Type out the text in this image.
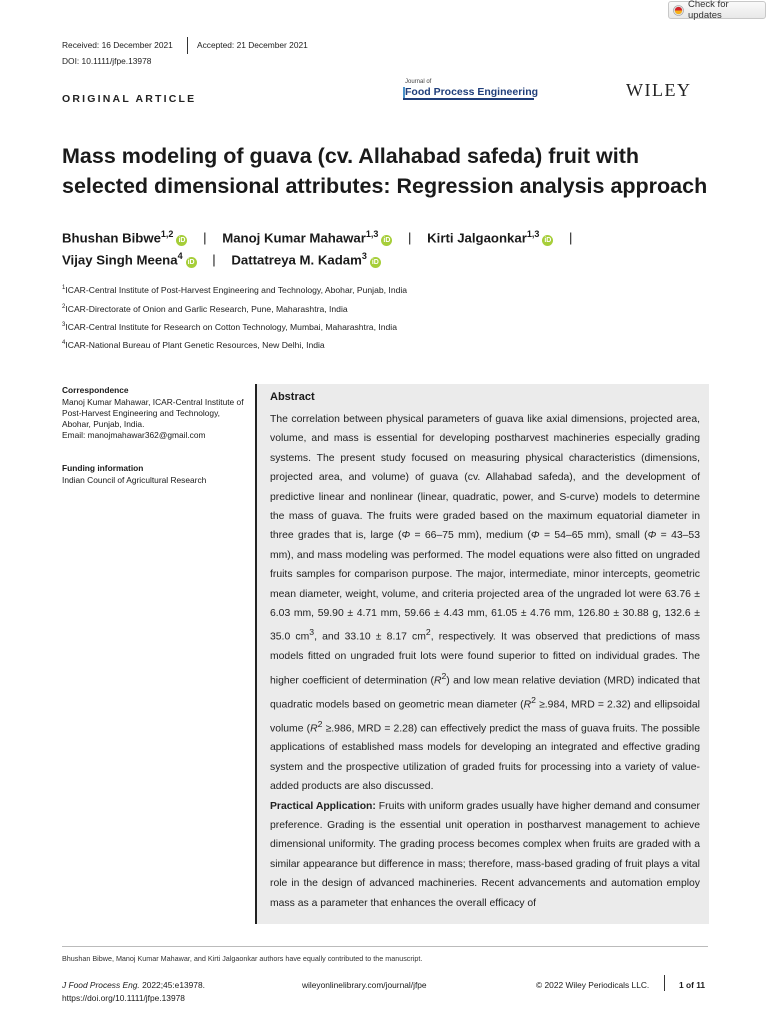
Check for updates
Received: 16 December 2021	Accepted: 21 December 2021
DOI: 10.1111/jfpe.13978
ORIGINAL ARTICLE
Journal of
Food Process Engineering	WILEY
Mass modeling of guava (cv. Allahabad safeda) fruit with selected dimensional attributes: Regression analysis approach
Bhushan Bibwe$^{1,2}$iD | Manoj Kumar Mahawar$^{1,3}$iD | Kirti Jalgaonkar$^{1,3}$iD |
Vijay Singh Meena$^4$iD | Dattatreya M. Kadam$^3$iD
$^1$ICAR-Central Institute of Post-Harvest Engineering and Technology, Abohar, Punjab, India
$^2$ICAR-Directorate of Onion and Garlic Research, Pune, Maharashtra, India
$^3$ICAR-Central Institute for Research on Cotton Technology, Mumbai, Maharashtra, India
$^4$ICAR-National Bureau of Plant Genetic Resources, New Delhi, India
Correspondence
Manoj Kumar Mahawar, ICAR-Central Institute of Post-Harvest Engineering and Technology, Abohar, Punjab, India.
Email: manojmahawar362@gmail.com
Funding information
Indian Council of Agricultural Research
Abstract
The correlation between physical parameters of guava like axial dimensions, projected area, volume, and mass is essential for developing postharvest machineries especially grading systems. The present study focused on measuring physical characteristics (dimensions, projected area, and volume) of guava (cv. Allahabad safeda), and the development of predictive linear and nonlinear (linear, quadratic, power, and S-curve) models to determine the mass of guava. The fruits were graded based on the maximum equatorial diameter in three grades that is, large (Φ = 66–75 mm), medium (Φ = 54–65 mm), small (Φ = 43–53 mm), and mass modeling was performed. The model equations were also fitted on ungraded fruits samples for comparison purpose. The major, intermediate, minor intercepts, geometric mean diameter, weight, volume, and criteria projected area of the ungraded lot were 63.76 ± 6.03 mm, 59.90 ± 4.71 mm, 59.66 ± 4.43 mm, 61.05 ± 4.76 mm, 126.80 ± 30.88 g, 132.6 ± 35.0 $cm^3$, and 33.10 ± 8.17 $cm^2$, respectively. It was observed that predictions of mass models fitted on ungraded fruit lots were found superior to fitted on individual grades. The higher coefficient of determination $(R^2)$ and low mean relative deviation (MRD) indicated that quadratic models based on geometric mean diameter ($R^2 \ge.984$, MRD = 2.32) and ellipsoidal volume ($R^2 \ge.986$, MRD = 2.28) can effectively predict the mass of guava fruits. The possible applications of established mass models for developing an integrated and effective grading system and the prospective utilization of graded fruits for processing into a variety of value-added products are also discussed.
Practical Application: Fruits with uniform grades usually have higher demand and consumer preference. Grading is the essential unit operation in postharvest management to achieve dimensional uniformity. The grading process becomes complex when fruits are graded with a similar appearance but difference in mass; therefore, mass-based grading of fruit plays a vital role in the design of advanced machineries. Recent advancements and automation employ mass as a parameter that enhances the overall efficacy of
Bhushan Bibwe, Manoj Kumar Mahawar, and Kirti Jalgaonkar authors have equally contributed to the manuscript.
J Food Process Eng. 2022;45:e13978.
https://doi.org/10.1111/jfpe.13978
wileyonlinelibrary.com/journal/jfpe	© 2022 Wiley Periodicals LLC.	1 of 11
